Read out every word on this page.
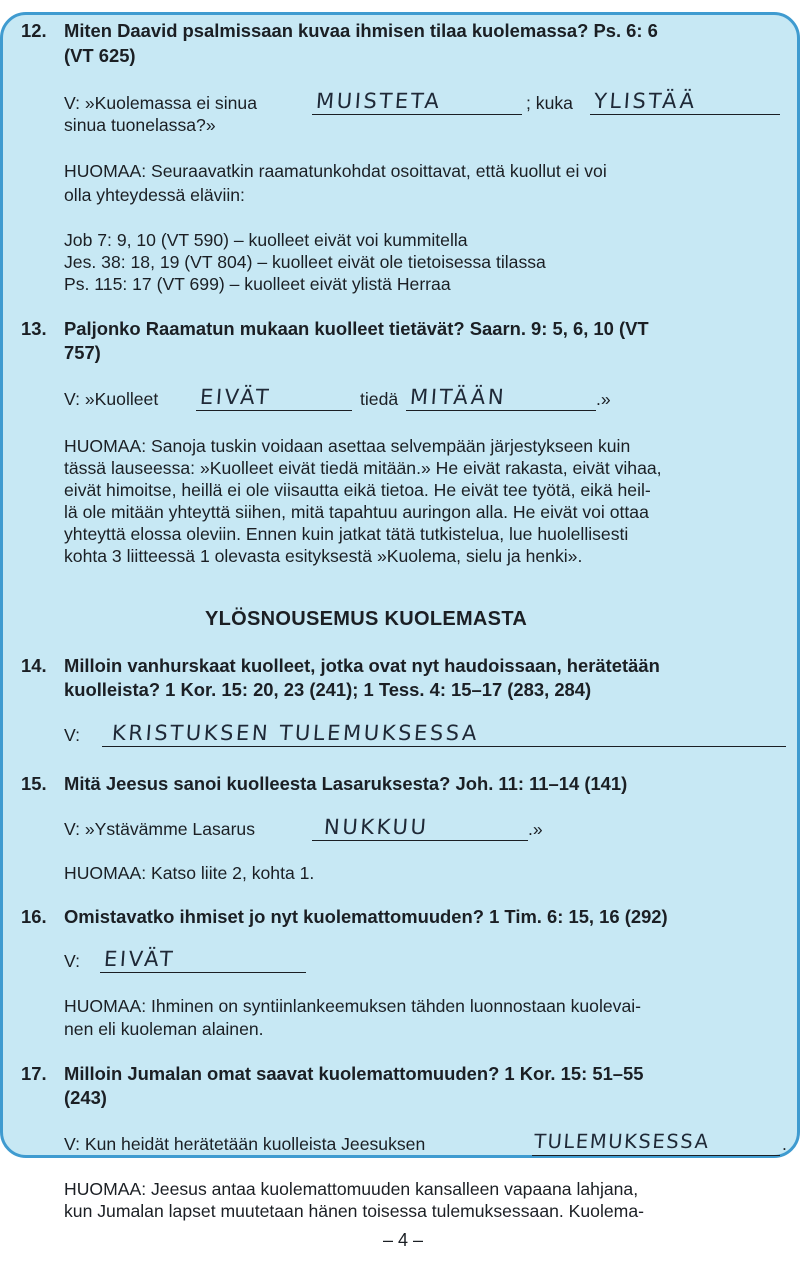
12. Miten Daavid psalmissaan kuvaa ihmisen tilaa kuolemassa? Ps. 6: 6
(VT 625)
V: »Kuolemassa ei sinua	MUISTETA	; kuka YLISTÄÄ
sinua tuonelassa?»
HUOMAA: Seuraavatkin raamatunkohdat osoittavat, että kuollut ei voi
olla yhteydessä eläviin:
Job 7: 9, 10 (VT 590) – kuolleet eivät voi kummitella
Jes. 38: 18, 19 (VT 804) – kuolleet eivät ole tietoisessa tilassa
Ps. 115: 17 (VT 699) – kuolleet eivät ylistä Herraa
13. Paljonko Raamatun mukaan kuolleet tietävät? Saarn. 9: 5, 6, 10 (VT
757)
V: »Kuolleet EIVÄT	tiedä MITÄÄN	.»
HUOMAA: Sanoja tuskin voidaan asettaa selvempään järjestykseen kuin
tässä lauseessa: »Kuolleet eivät tiedä mitään.» He eivät rakasta, eivät vihaa,
eivät himoitse, heillä ei ole viisautta eikä tietoa. He eivät tee työtä, eikä heil-
lä ole mitään yhteyttä siihen, mitä tapahtuu auringon alla. He eivät voi ottaa
yhteyttä elossa oleviin. Ennen kuin jatkat tätä tutkistelua, lue huolellisesti
kohta 3 liitteessä 1 olevasta esityksestä »Kuolema, sielu ja henki».
YLÖSNOUSEMUS KUOLEMASTA
14. Milloin vanhurskaat kuolleet, jotka ovat nyt haudoissaan, herätetään
kuolleista? 1 Kor. 15: 20, 23 (241); 1 Tess. 4: 15–17 (283, 284)
V: KRISTUKSEN TULEMUKSESSA
15. Mitä Jeesus sanoi kuolleesta Lasaruksesta? Joh. 11: 11–14 (141)
V: »Ystävämme Lasarus	NUKKUU	.»
HUOMAA: Katso liite 2, kohta 1.
16. Omistavatko ihmiset jo nyt kuolemattomuuden? 1 Tim. 6: 15, 16 (292)
V: EIVÄT
HUOMAA: Ihminen on syntiinlankeemuksen tähden luonnostaan kuolevai-
nen eli kuoleman alainen.
17. Milloin Jumalan omat saavat kuolemattomuuden? 1 Kor. 15: 51–55
(243)
V: Kun heidät herätetään kuolleista Jeesuksen	TULEMUKSESSA	.
HUOMAA: Jeesus antaa kuolemattomuuden kansalleen vapaana lahjana,
kun Jumalan lapset muutetaan hänen toisessa tulemuksessaan. Kuolema-
– 4 –
